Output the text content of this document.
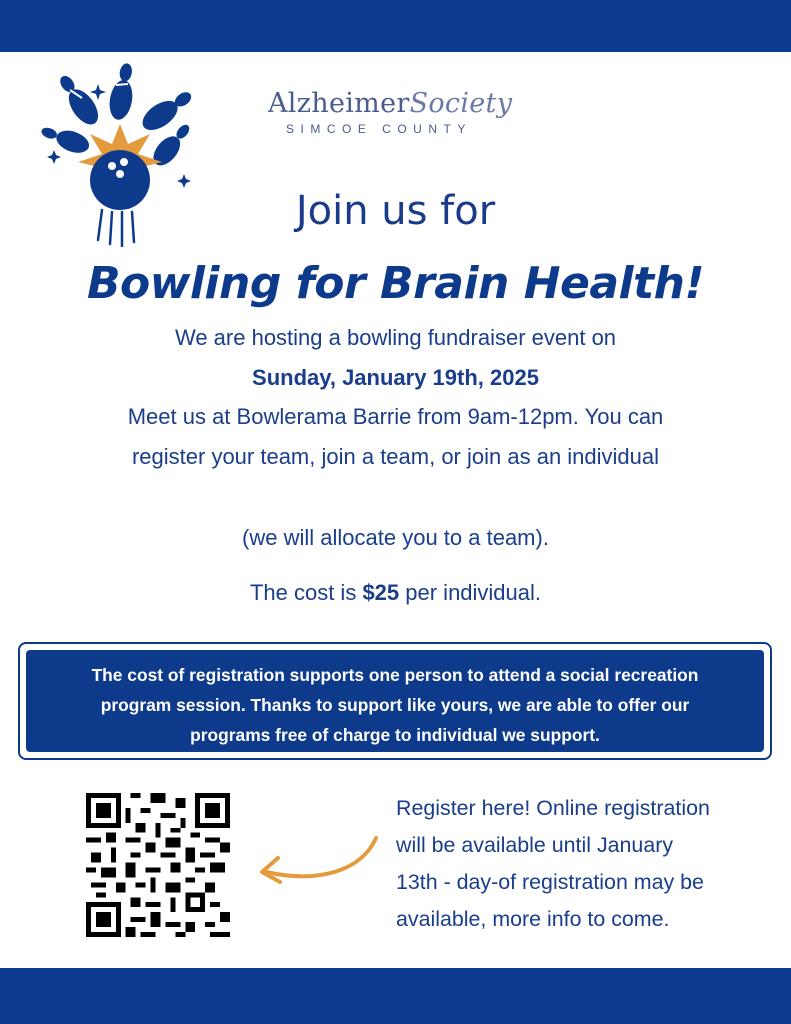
AlzheimerSociety
SIMCOE COUNTY
Join us for
Bowling for Brain Health!
We are hosting a bowling fundraiser event on
Sunday, January 19th, 2025
Meet us at Bowlerama Barrie from 9am-12pm. You can
register your team, join a team, or join as an individual
(we will allocate you to a team).
The cost is $25 per individual.
The cost of registration supports one person to attend a social recreation
program session. Thanks to support like yours, we are able to offer our
programs free of charge to individual we support.
Register here! Online registration
will be available until January
13th - day-of registration may be
available, more info to come.
